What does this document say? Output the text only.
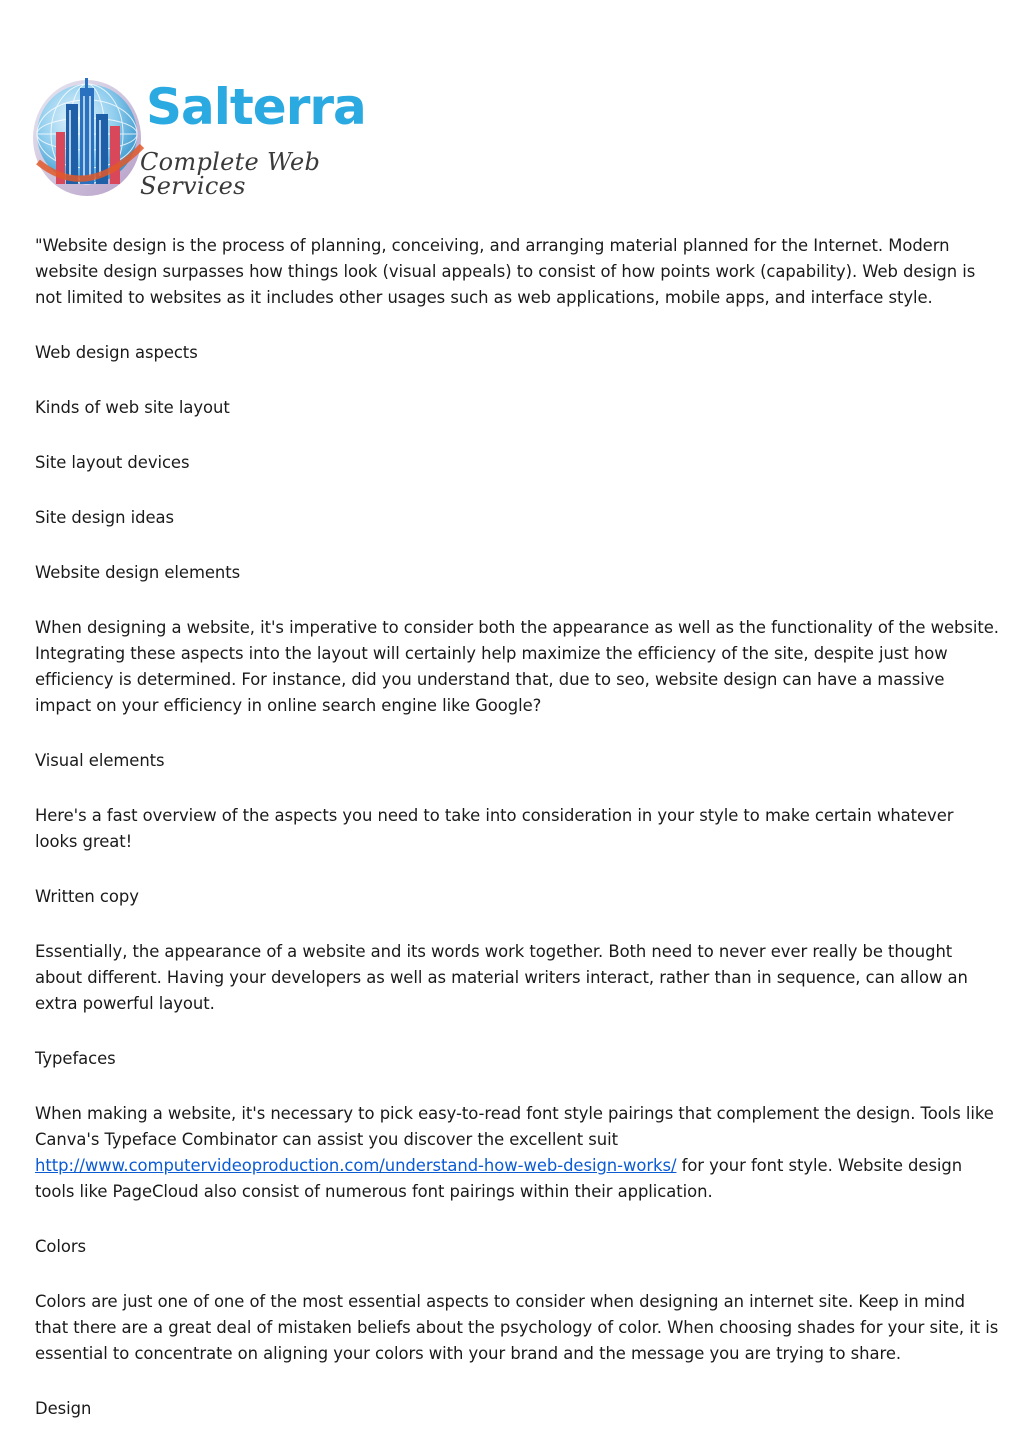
Salterra
Complete Web Services

"Website design is the process of planning, conceiving, and arranging material planned for the Internet. Modern website design surpasses how things look (visual appeals) to consist of how points work (capability). Web design is not limited to websites as it includes other usages such as web applications, mobile apps, and interface style.

Web design aspects

Kinds of web site layout

Site layout devices

Site design ideas

Website design elements

When designing a website, it's imperative to consider both the appearance as well as the functionality of the website. Integrating these aspects into the layout will certainly help maximize the efficiency of the site, despite just how efficiency is determined. For instance, did you understand that, due to seo, website design can have a massive impact on your efficiency in online search engine like Google?

Visual elements

Here's a fast overview of the aspects you need to take into consideration in your style to make certain whatever looks great!

Written copy

Essentially, the appearance of a website and its words work together. Both need to never ever really be thought about different. Having your developers as well as material writers interact, rather than in sequence, can allow an extra powerful layout.

Typefaces

When making a website, it's necessary to pick easy-to-read font style pairings that complement the design. Tools like Canva's Typeface Combinator can assist you discover the excellent suit http://www.computervideoproduction.com/understand-how-web-design-works/ for your font style. Website design tools like PageCloud also consist of numerous font pairings within their application.

Colors

Colors are just one of one of the most essential aspects to consider when designing an internet site. Keep in mind that there are a great deal of mistaken beliefs about the psychology of color. When choosing shades for your site, it is essential to concentrate on aligning your colors with your brand and the message you are trying to share.

Design
